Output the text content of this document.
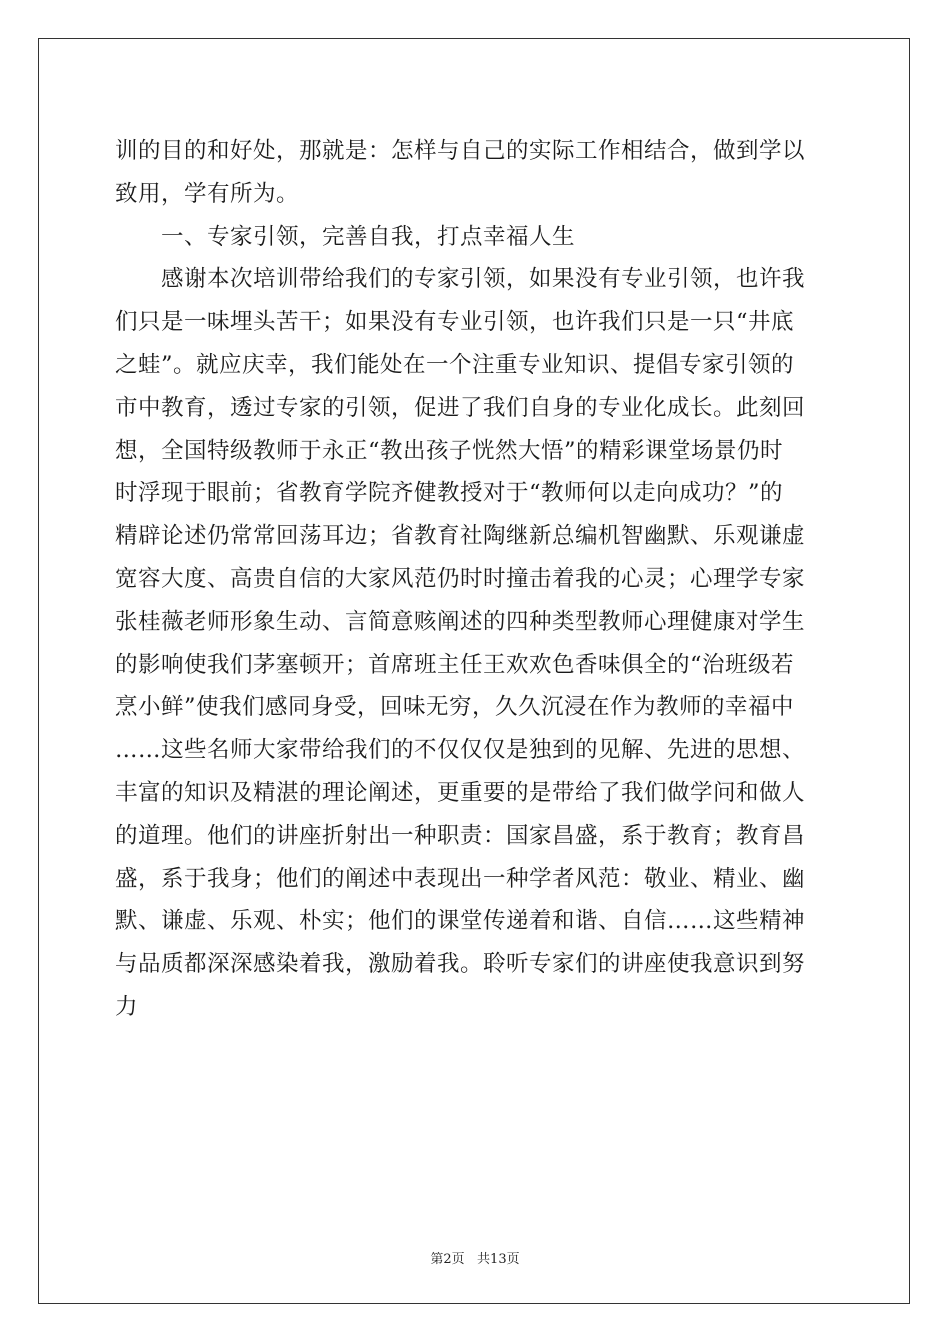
训的目的和好处，那就是：怎样与自己的实际工作相结合，做到学以
致用，学有所为。
一、专家引领，完善自我，打点幸福人生
感谢本次培训带给我们的专家引领，如果没有专业引领，也许我
们只是一味埋头苦干；如果没有专业引领，也许我们只是一只“井底
之蛙”。就应庆幸，我们能处在一个注重专业知识、提倡专家引领的
市中教育，透过专家的引领，促进了我们自身的专业化成长。此刻回
想，全国特级教师于永正“教出孩子恍然大悟”的精彩课堂场景仍时
时浮现于眼前；省教育学院齐健教授对于“教师何以走向成功？”的
精辟论述仍常常回荡耳边；省教育社陶继新总编机智幽默、乐观谦虚
宽容大度、高贵自信的大家风范仍时时撞击着我的心灵；心理学专家
张桂薇老师形象生动、言简意赅阐述的四种类型教师心理健康对学生
的影响使我们茅塞顿开；首席班主任王欢欢色香味俱全的“治班级若
烹小鲜”使我们感同身受，回味无穷，久久沉浸在作为教师的幸福中
……这些名师大家带给我们的不仅仅仅是独到的见解、先进的思想、
丰富的知识及精湛的理论阐述，更重要的是带给了我们做学问和做人
的道理。他们的讲座折射出一种职责：国家昌盛，系于教育；教育昌
盛，系于我身；他们的阐述中表现出一种学者风范：敬业、精业、幽
默、谦虚、乐观、朴实；他们的课堂传递着和谐、自信……这些精神
与品质都深深感染着我，激励着我。聆听专家们的讲座使我意识到努
力
第2页   共13页
